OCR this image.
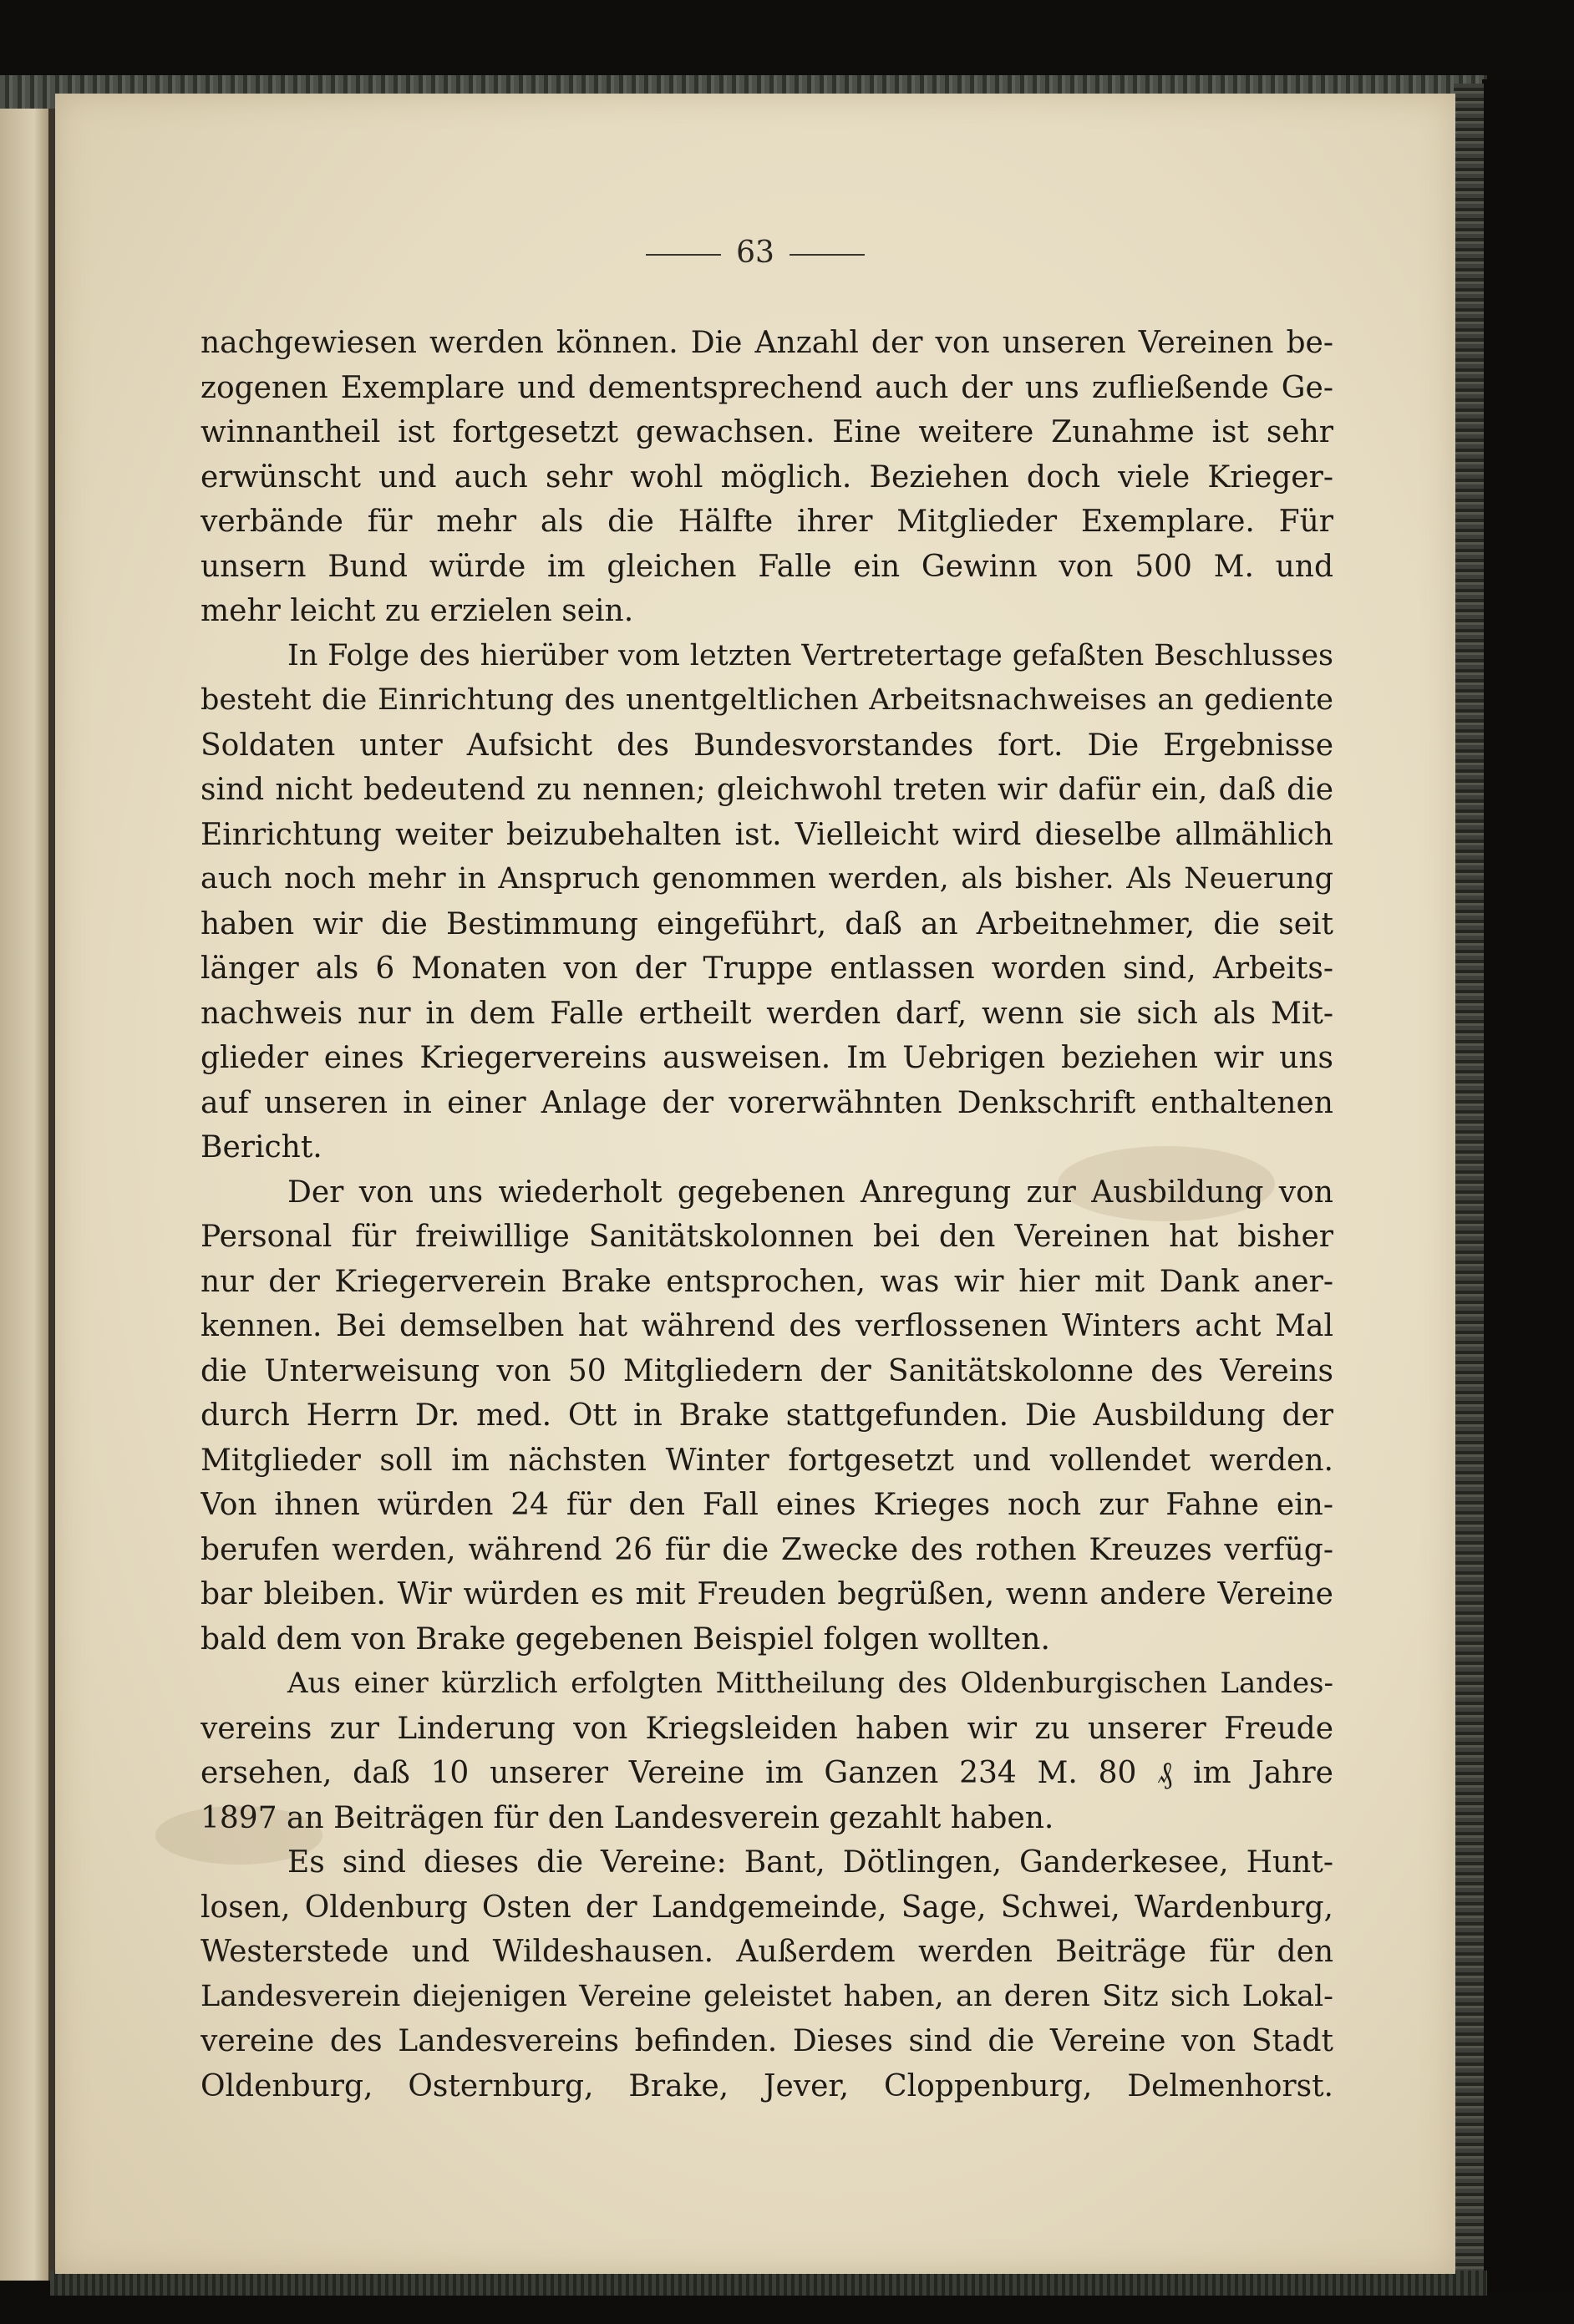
63
nachgewiesen werden können. Die Anzahl der von unseren Vereinen be-
zogenen Exemplare und dementsprechend auch der uns zufließende Ge-
winnantheil ist fortgesetzt gewachsen. Eine weitere Zunahme ist sehr
erwünscht und auch sehr wohl möglich. Beziehen doch viele Krieger-
verbände für mehr als die Hälfte ihrer Mitglieder Exemplare. Für
unsern Bund würde im gleichen Falle ein Gewinn von 500 M. und
mehr leicht zu erzielen sein.
In Folge des hierüber vom letzten Vertretertage gefaßten Beschlusses
besteht die Einrichtung des unentgeltlichen Arbeitsnachweises an gediente
Soldaten unter Aufsicht des Bundesvorstandes fort. Die Ergebnisse
sind nicht bedeutend zu nennen; gleichwohl treten wir dafür ein, daß die
Einrichtung weiter beizubehalten ist. Vielleicht wird dieselbe allmählich
auch noch mehr in Anspruch genommen werden, als bisher. Als Neuerung
haben wir die Bestimmung eingeführt, daß an Arbeitnehmer, die seit
länger als 6 Monaten von der Truppe entlassen worden sind, Arbeits-
nachweis nur in dem Falle ertheilt werden darf, wenn sie sich als Mit-
glieder eines Kriegervereins ausweisen. Im Uebrigen beziehen wir uns
auf unseren in einer Anlage der vorerwähnten Denkschrift enthaltenen
Bericht.
Der von uns wiederholt gegebenen Anregung zur Ausbildung von
Personal für freiwillige Sanitätskolonnen bei den Vereinen hat bisher
nur der Kriegerverein Brake entsprochen, was wir hier mit Dank aner-
kennen. Bei demselben hat während des verflossenen Winters acht Mal
die Unterweisung von 50 Mitgliedern der Sanitätskolonne des Vereins
durch Herrn Dr. med. Ott in Brake stattgefunden. Die Ausbildung der
Mitglieder soll im nächsten Winter fortgesetzt und vollendet werden.
Von ihnen würden 24 für den Fall eines Krieges noch zur Fahne ein-
berufen werden, während 26 für die Zwecke des rothen Kreuzes verfüg-
bar bleiben. Wir würden es mit Freuden begrüßen, wenn andere Vereine
bald dem von Brake gegebenen Beispiel folgen wollten.
Aus einer kürzlich erfolgten Mittheilung des Oldenburgischen Landes-
vereins zur Linderung von Kriegsleiden haben wir zu unserer Freude
ersehen, daß 10 unserer Vereine im Ganzen 234 M. 80 ₰ im Jahre
1897 an Beiträgen für den Landesverein gezahlt haben.
Es sind dieses die Vereine: Bant, Dötlingen, Ganderkesee, Hunt-
losen, Oldenburg Osten der Landgemeinde, Sage, Schwei, Wardenburg,
Westerstede und Wildeshausen. Außerdem werden Beiträge für den
Landesverein diejenigen Vereine geleistet haben, an deren Sitz sich Lokal-
vereine des Landesvereins befinden. Dieses sind die Vereine von Stadt
Oldenburg, Osternburg, Brake, Jever, Cloppenburg, Delmenhorst.
